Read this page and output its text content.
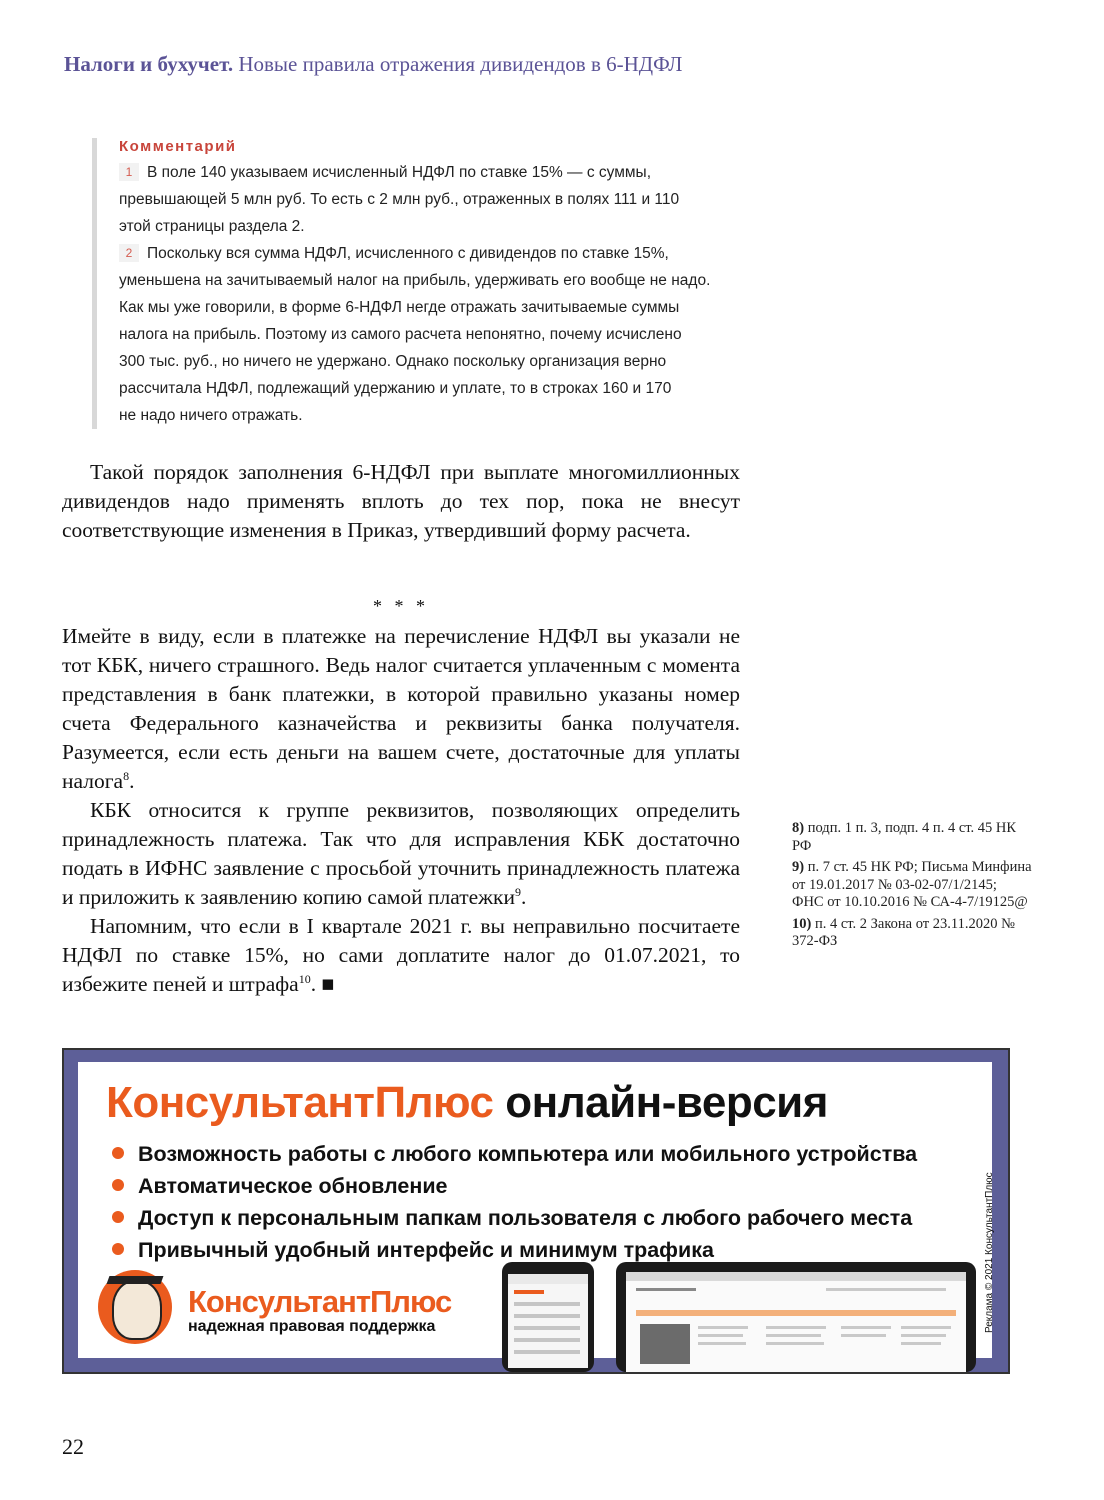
Налоги и бухучет. Новые правила отражения дивидендов в 6-НДФЛ
Комментарий
1 В поле 140 указываем исчисленный НДФЛ по ставке 15% — с суммы,
превышающей 5 млн руб. То есть с 2 млн руб., отраженных в полях 111 и 110
этой страницы раздела 2.
2 Поскольку вся сумма НДФЛ, исчисленного с дивидендов по ставке 15%,
уменьшена на зачитываемый налог на прибыль, удерживать его вообще не надо.
Как мы уже говорили, в форме 6-НДФЛ негде отражать зачитываемые суммы
налога на прибыль. Поэтому из самого расчета непонятно, почему исчислено
300 тыс. руб., но ничего не удержано. Однако поскольку организация верно
рассчитала НДФЛ, подлежащий удержанию и уплате, то в строках 160 и 170
не надо ничего отражать.

Такой порядок заполнения 6-НДФЛ при выплате многомиллионных дивидендов надо применять вплоть до тех пор, пока не внесут соответствующие изменения в Приказ, утвердивший форму расчета.

* * *

Имейте в виду, если в платежке на перечисление НДФЛ вы указали не тот КБК, ничего страшного. Ведь налог считается уплаченным с момента представления в банк платежки, в которой правильно указаны номер счета Федерального казначейства и реквизиты банка получателя. Разумеется, если есть деньги на вашем счете, достаточные для уплаты налога$^8$.

КБК относится к группе реквизитов, позволяющих определить принадлежность платежа. Так что для исправления КБК достаточно подать в ИФНС заявление с просьбой уточнить принадлежность платежа и приложить к заявлению копию самой платежки$^9$.

Напомним, что если в I квартале 2021 г. вы неправильно посчитаете НДФЛ по ставке 15%, но сами доплатите налог до 01.07.2021, то избежите пеней и штрафа$^{10}$. ■

8) подп. 1 п. 3, подп. 4 п. 4 ст. 45 НК РФ
9) п. 7 ст. 45 НК РФ; Письма Минфина от 19.01.2017 № 03-02-07/1/2145; ФНС от 10.10.2016 № СА-4-7/19125@
10) п. 4 ст. 2 Закона от 23.11.2020 № 372-ФЗ
КонсультантПлюс онлайн-версия
Возможность работы с любого компьютера или мобильного устройства
Автоматическое обновление
Доступ к персональным папкам пользователя с любого рабочего места
Привычный удобный интерфейс и минимум трафика
КонсультантПлюс
надежная правовая поддержка	Реклама © 2021 КонсультантПлюс
22
